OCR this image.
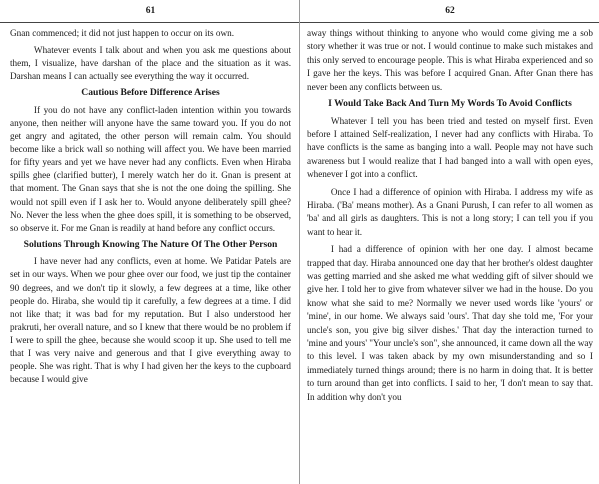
61

Gnan commenced; it did not just happen to occur on its own.

Whatever events I talk about and when you ask me questions about them, I visualize, have darshan of the place and the situation as it was. Darshan means I can actually see everything the way it occurred.

Cautious Before Difference Arises

If you do not have any conflict-laden intention within you towards anyone, then neither will anyone have the same toward you. If you do not get angry and agitated, the other person will remain calm. You should become like a brick wall so nothing will affect you. We have been married for fifty years and yet we have never had any conflicts. Even when Hiraba spills ghee (clarified butter), I merely watch her do it. Gnan is present at that moment. The Gnan says that she is not the one doing the spilling. She would not spill even if I ask her to. Would anyone deliberately spill ghee? No. Never the less when the ghee does spill, it is something to be observed, so observe it. For me Gnan is readily at hand before any conflict occurs.

Solutions Through Knowing The Nature Of The Other Person

I have never had any conflicts, even at home. We Patidar Patels are set in our ways. When we pour ghee over our food, we just tip the container 90 degrees, and we don't tip it slowly, a few degrees at a time, like other people do. Hiraba, she would tip it carefully, a few degrees at a time. I did not like that; it was bad for my reputation. But I also understood her prakruti, her overall nature, and so I knew that there would be no problem if I were to spill the ghee, because she would scoop it up. She used to tell me that I was very naive and generous and that I give everything away to people. She was right. That is why I had given her the keys to the cupboard because I would give

62

away things without thinking to anyone who would come giving me a sob story whether it was true or not. I would continue to make such mistakes and this only served to encourage people. This is what Hiraba experienced and so I gave her the keys. This was before I acquired Gnan. After Gnan there has never been any conflicts between us.

I Would Take Back And Turn My Words To Avoid Conflicts

Whatever I tell you has been tried and tested on myself first. Even before I attained Self-realization, I never had any conflicts with Hiraba. To have conflicts is the same as banging into a wall. People may not have such awareness but I would realize that I had banged into a wall with open eyes, whenever I got into a conflict.

Once I had a difference of opinion with Hiraba. I address my wife as Hiraba. ('Ba' means mother). As a Gnani Purush, I can refer to all women as 'ba' and all girls as daughters. This is not a long story; I can tell you if you want to hear it.

I had a difference of opinion with her one day. I almost became trapped that day. Hiraba announced one day that her brother's oldest daughter was getting married and she asked me what wedding gift of silver should we give her. I told her to give from whatever silver we had in the house. Do you know what she said to me? Normally we never used words like 'yours' or 'mine', in our home. We always said 'ours'. That day she told me, 'For your uncle's son, you give big silver dishes.' That day the interaction turned to 'mine and yours' "Your uncle's son", she announced, it came down all the way to this level. I was taken aback by my own misunderstanding and so I immediately turned things around; there is no harm in doing that. It is better to turn around than get into conflicts. I said to her, 'I don't mean to say that. In addition why don't you
